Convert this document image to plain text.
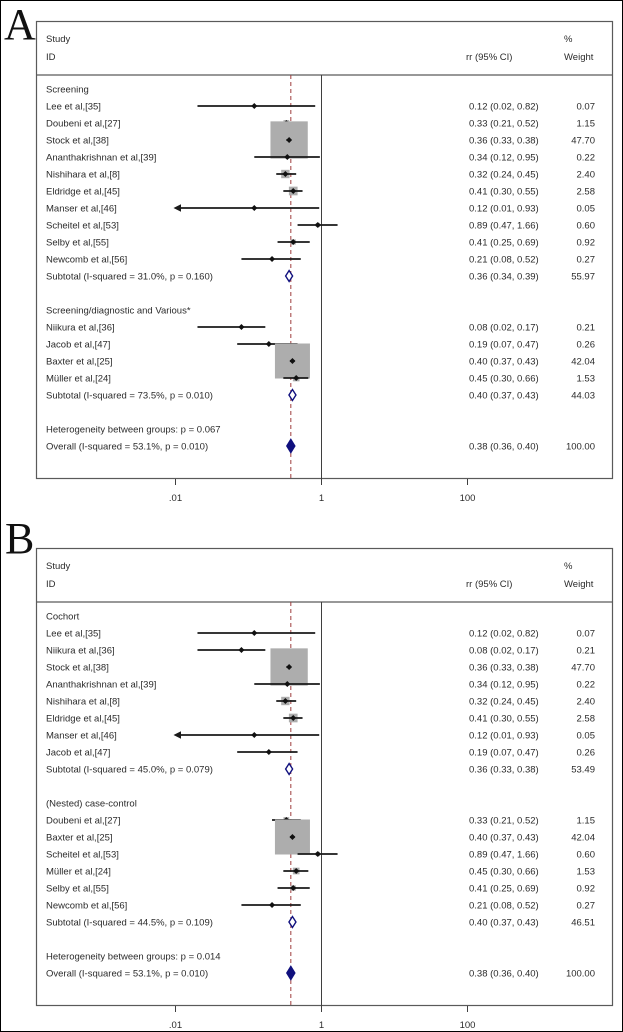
A
B
Study
ID	rr (95% CI)
%
Weight
Screening
Lee et al,[35]	0.12 (0.02, 0.82)	0.07
Doubeni et al,[27]	0.33 (0.21, 0.52)	1.15
Stock et al,[38]	0.36 (0.33, 0.38)	47.70
Ananthakrishnan et al,[39]	0.34 (0.12, 0.95)	0.22
Nishihara et al,[8]	0.32 (0.24, 0.45)	2.40
Eldridge et al,[45]	0.41 (0.30, 0.55)	2.58
Manser et al,[46]	0.12 (0.01, 0.93)	0.05
Scheitel et al,[53]	0.89 (0.47, 1.66)	0.60
Selby et al,[55]	0.41 (0.25, 0.69)	0.92
Newcomb et al,[56]	0.21 (0.08, 0.52)	0.27
Subtotal (I-squared = 31.0%, p = 0.160)	0.36 (0.34, 0.39)	55.97
Screening/diagnostic and Various*
Niikura et al,[36]	0.08 (0.02, 0.17)	0.21
Jacob et al,[47]	0.19 (0.07, 0.47)	0.26
Baxter et al,[25]	0.40 (0.37, 0.43)	42.04
Müller et al,[24]	0.45 (0.30, 0.66)	1.53
Subtotal (I-squared = 73.5%, p = 0.010)	0.40 (0.37, 0.43)	44.03
Heterogeneity between groups: p = 0.067
Overall (I-squared = 53.1%, p = 0.010)	0.38 (0.36, 0.40)	100.00
.01	1	100
Study
ID	rr (95% CI)
%
Weight
Cochort
Lee et al,[35]	0.12 (0.02, 0.82)	0.07
Niikura et al,[36]	0.08 (0.02, 0.17)	0.21
Stock et al,[38]	0.36 (0.33, 0.38)	47.70
Ananthakrishnan et al,[39]	0.34 (0.12, 0.95)	0.22
Nishihara et al,[8]	0.32 (0.24, 0.45)	2.40
Eldridge et al,[45]	0.41 (0.30, 0.55)	2.58
Manser et al,[46]	0.12 (0.01, 0.93)	0.05
Jacob et al,[47]	0.19 (0.07, 0.47)	0.26
Subtotal (I-squared = 45.0%, p = 0.079)	0.36 (0.33, 0.38)	53.49
(Nested) case-control
Doubeni et al,[27]	0.33 (0.21, 0.52)	1.15
Baxter et al,[25]	0.40 (0.37, 0.43)	42.04
Scheitel et al,[53]	0.89 (0.47, 1.66)	0.60
Müller et al,[24]	0.45 (0.30, 0.66)	1.53
Selby et al,[55]	0.41 (0.25, 0.69)	0.92
Newcomb et al,[56]	0.21 (0.08, 0.52)	0.27
Subtotal (I-squared = 44.5%, p = 0.109)	0.40 (0.37, 0.43)	46.51
Heterogeneity between groups: p = 0.014
Overall (I-squared = 53.1%, p = 0.010)	0.38 (0.36, 0.40)	100.00
.01	1	100
